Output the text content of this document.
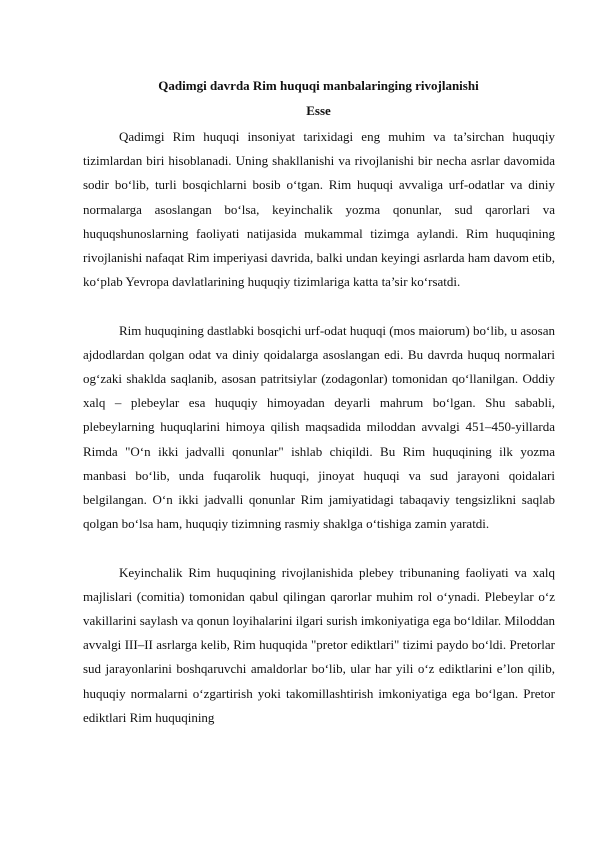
Qadimgi davrda Rim huquqi manbalaringing rivojlanishi
Esse

Qadimgi Rim huquqi insoniyat tarixidagi eng muhim va ta’sirchan huquqiy tizimlardan biri hisoblanadi. Uning shakllanishi va rivojlanishi bir necha asrlar davomida sodir bo‘lib, turli bosqichlarni bosib o‘tgan. Rim huquqi avvaliga urf-odatlar va diniy normalarga asoslangan bo‘lsa, keyinchalik yozma qonunlar, sud qarorlari va huquqshunoslarning faoliyati natijasida mukammal tizimga aylandi. Rim huquqining rivojlanishi nafaqat Rim imperiyasi davrida, balki undan keyingi asrlarda ham davom etib, ko‘plab Yevropa davlatlarining huquqiy tizimlariga katta ta’sir ko‘rsatdi.

Rim huquqining dastlabki bosqichi urf-odat huquqi (mos maiorum) bo‘lib, u asosan ajdodlardan qolgan odat va diniy qoidalarga asoslangan edi. Bu davrda huquq normalari og‘zaki shaklda saqlanib, asosan patritsiylar (zodagonlar) tomonidan qo‘llanilgan. Oddiy xalq – plebeylar esa huquqiy himoyadan deyarli mahrum bo‘lgan. Shu sababli, plebeylarning huquqlarini himoya qilish maqsadida miloddan avvalgi 451–450-yillarda Rimda "O‘n ikki jadvalli qonunlar" ishlab chiqildi. Bu Rim huquqining ilk yozma manbasi bo‘lib, unda fuqarolik huquqi, jinoyat huquqi va sud jarayoni qoidalari belgilangan. O‘n ikki jadvalli qonunlar Rim jamiyatidagi tabaqaviy tengsizlikni saqlab qolgan bo‘lsa ham, huquqiy tizimning rasmiy shaklga o‘tishiga zamin yaratdi.

Keyinchalik Rim huquqining rivojlanishida plebey tribunaning faoliyati va xalq majlislari (comitia) tomonidan qabul qilingan qarorlar muhim rol o‘ynadi. Plebeylar o‘z vakillarini saylash va qonun loyihalarini ilgari surish imkoniyatiga ega bo‘ldilar. Miloddan avvalgi III–II asrlarga kelib, Rim huquqida "pretor ediktlari" tizimi paydo bo‘ldi. Pretorlar sud jarayonlarini boshqaruvchi amaldorlar bo‘lib, ular har yili o‘z ediktlarini e’lon qilib, huquqiy normalarni o‘zgartirish yoki takomillashtirish imkoniyatiga ega bo‘lgan. Pretor ediktlari Rim huquqining
